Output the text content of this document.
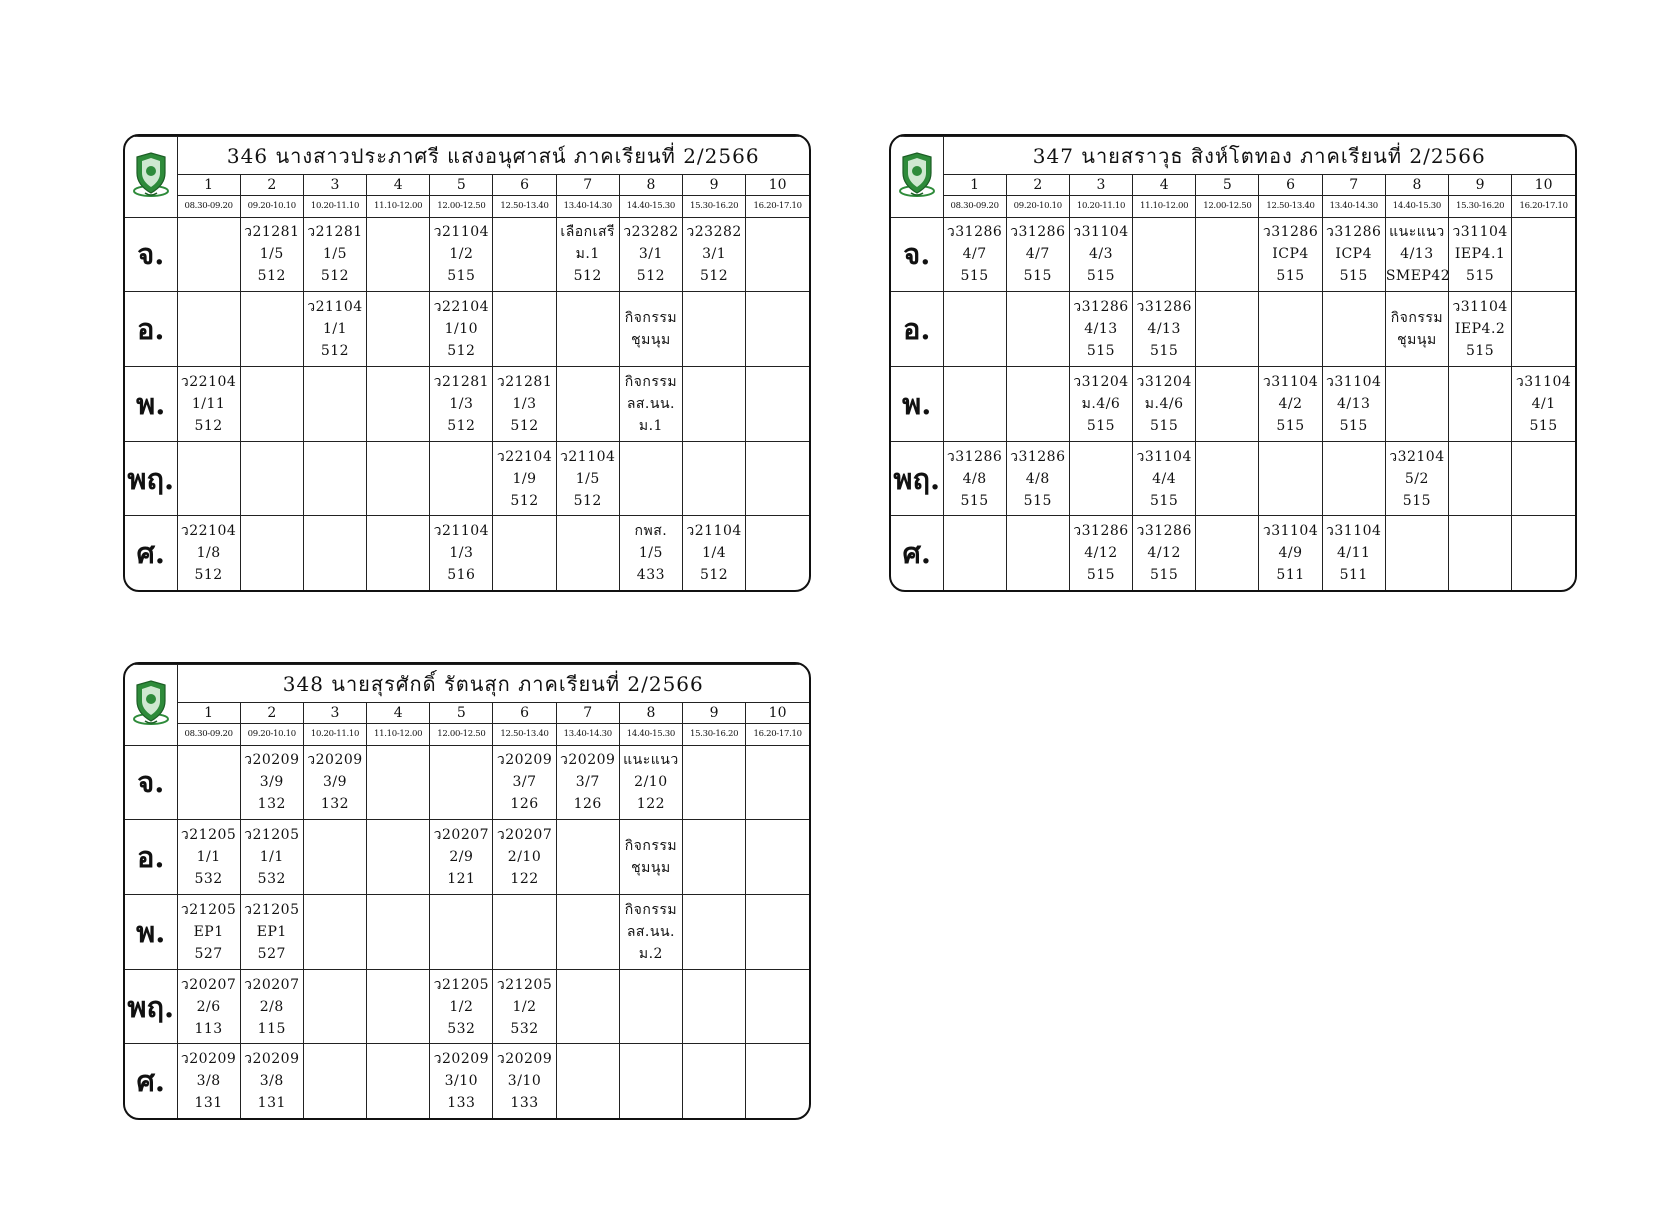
	346 นางสาวประภาศรี แสงอนุศาสน์ ภาคเรียนที่ 2/2566									
	1	2	3	4	5	6	7	8	9	10
	08.30-09.20	09.20-10.10	10.20-11.10	11.10-12.00	12.00-12.50	12.50-13.40	13.40-14.30	14.40-15.30	15.30-16.20	16.20-17.10
จ.		ว21281
1/5
512	ว21281
1/5
512		ว21104
1/2
515		เลือกเสรี
ม.1
512	ว23282
3/1
512	ว23282
3/1
512	

อ.			ว21104
1/1
512		ว22104
1/10
512			กิจกรรม
ชุมนุม		

พ.	ว22104
1/11
512				ว21281
1/3
512	ว21281
1/3
512		กิจกรรม
ลส.นน.
ม.1		

พฤ.						ว22104
1/9
512	ว21104
1/5
512			

ศ.	ว22104
1/8
512				ว21104
1/3
516			กพส.
1/5
433	ว21104
1/4
512	

	347 นายสราวุธ สิงห์โตทอง ภาคเรียนที่ 2/2566									
	1	2	3	4	5	6	7	8	9	10
	08.30-09.20	09.20-10.10	10.20-11.10	11.10-12.00	12.00-12.50	12.50-13.40	13.40-14.30	14.40-15.30	15.30-16.20	16.20-17.10
จ.	ว31286
4/7
515	ว31286
4/7
515	ว31104
4/3
515			ว31286
ICP4
515	ว31286
ICP4
515	แนะแนว
4/13
SMEP42	ว31104
IEP4.1
515	

อ.			ว31286
4/13
515	ว31286
4/13
515				กิจกรรม
ชุมนุม	ว31104
IEP4.2
515	

พ.			ว31204
ม.4/6
515	ว31204
ม.4/6
515		ว31104
4/2
515	ว31104
4/13
515			ว31104
4/1
515

พฤ.	ว31286
4/8
515	ว31286
4/8
515		ว31104
4/4
515				ว32104
5/2
515		

ศ.			ว31286
4/12
515	ว31286
4/12
515		ว31104
4/9
511	ว31104
4/11
511			

	348 นายสุรศักดิ์ รัตนสุก ภาคเรียนที่ 2/2566									
	1	2	3	4	5	6	7	8	9	10
	08.30-09.20	09.20-10.10	10.20-11.10	11.10-12.00	12.00-12.50	12.50-13.40	13.40-14.30	14.40-15.30	15.30-16.20	16.20-17.10
จ.		ว20209
3/9
132	ว20209
3/9
132			ว20209
3/7
126	ว20209
3/7
126	แนะแนว
2/10
122		

อ.	ว21205
1/1
532	ว21205
1/1
532			ว20207
2/9
121	ว20207
2/10
122		กิจกรรม
ชุมนุม		

พ.	ว21205
EP1
527	ว21205
EP1
527						กิจกรรม
ลส.นน.
ม.2		

พฤ.	ว20207
2/6
113	ว20207
2/8
115			ว21205
1/2
532	ว21205
1/2
532				

ศ.	ว20209
3/8
131	ว20209
3/8
131			ว20209
3/10
133	ว20209
3/10
133				
